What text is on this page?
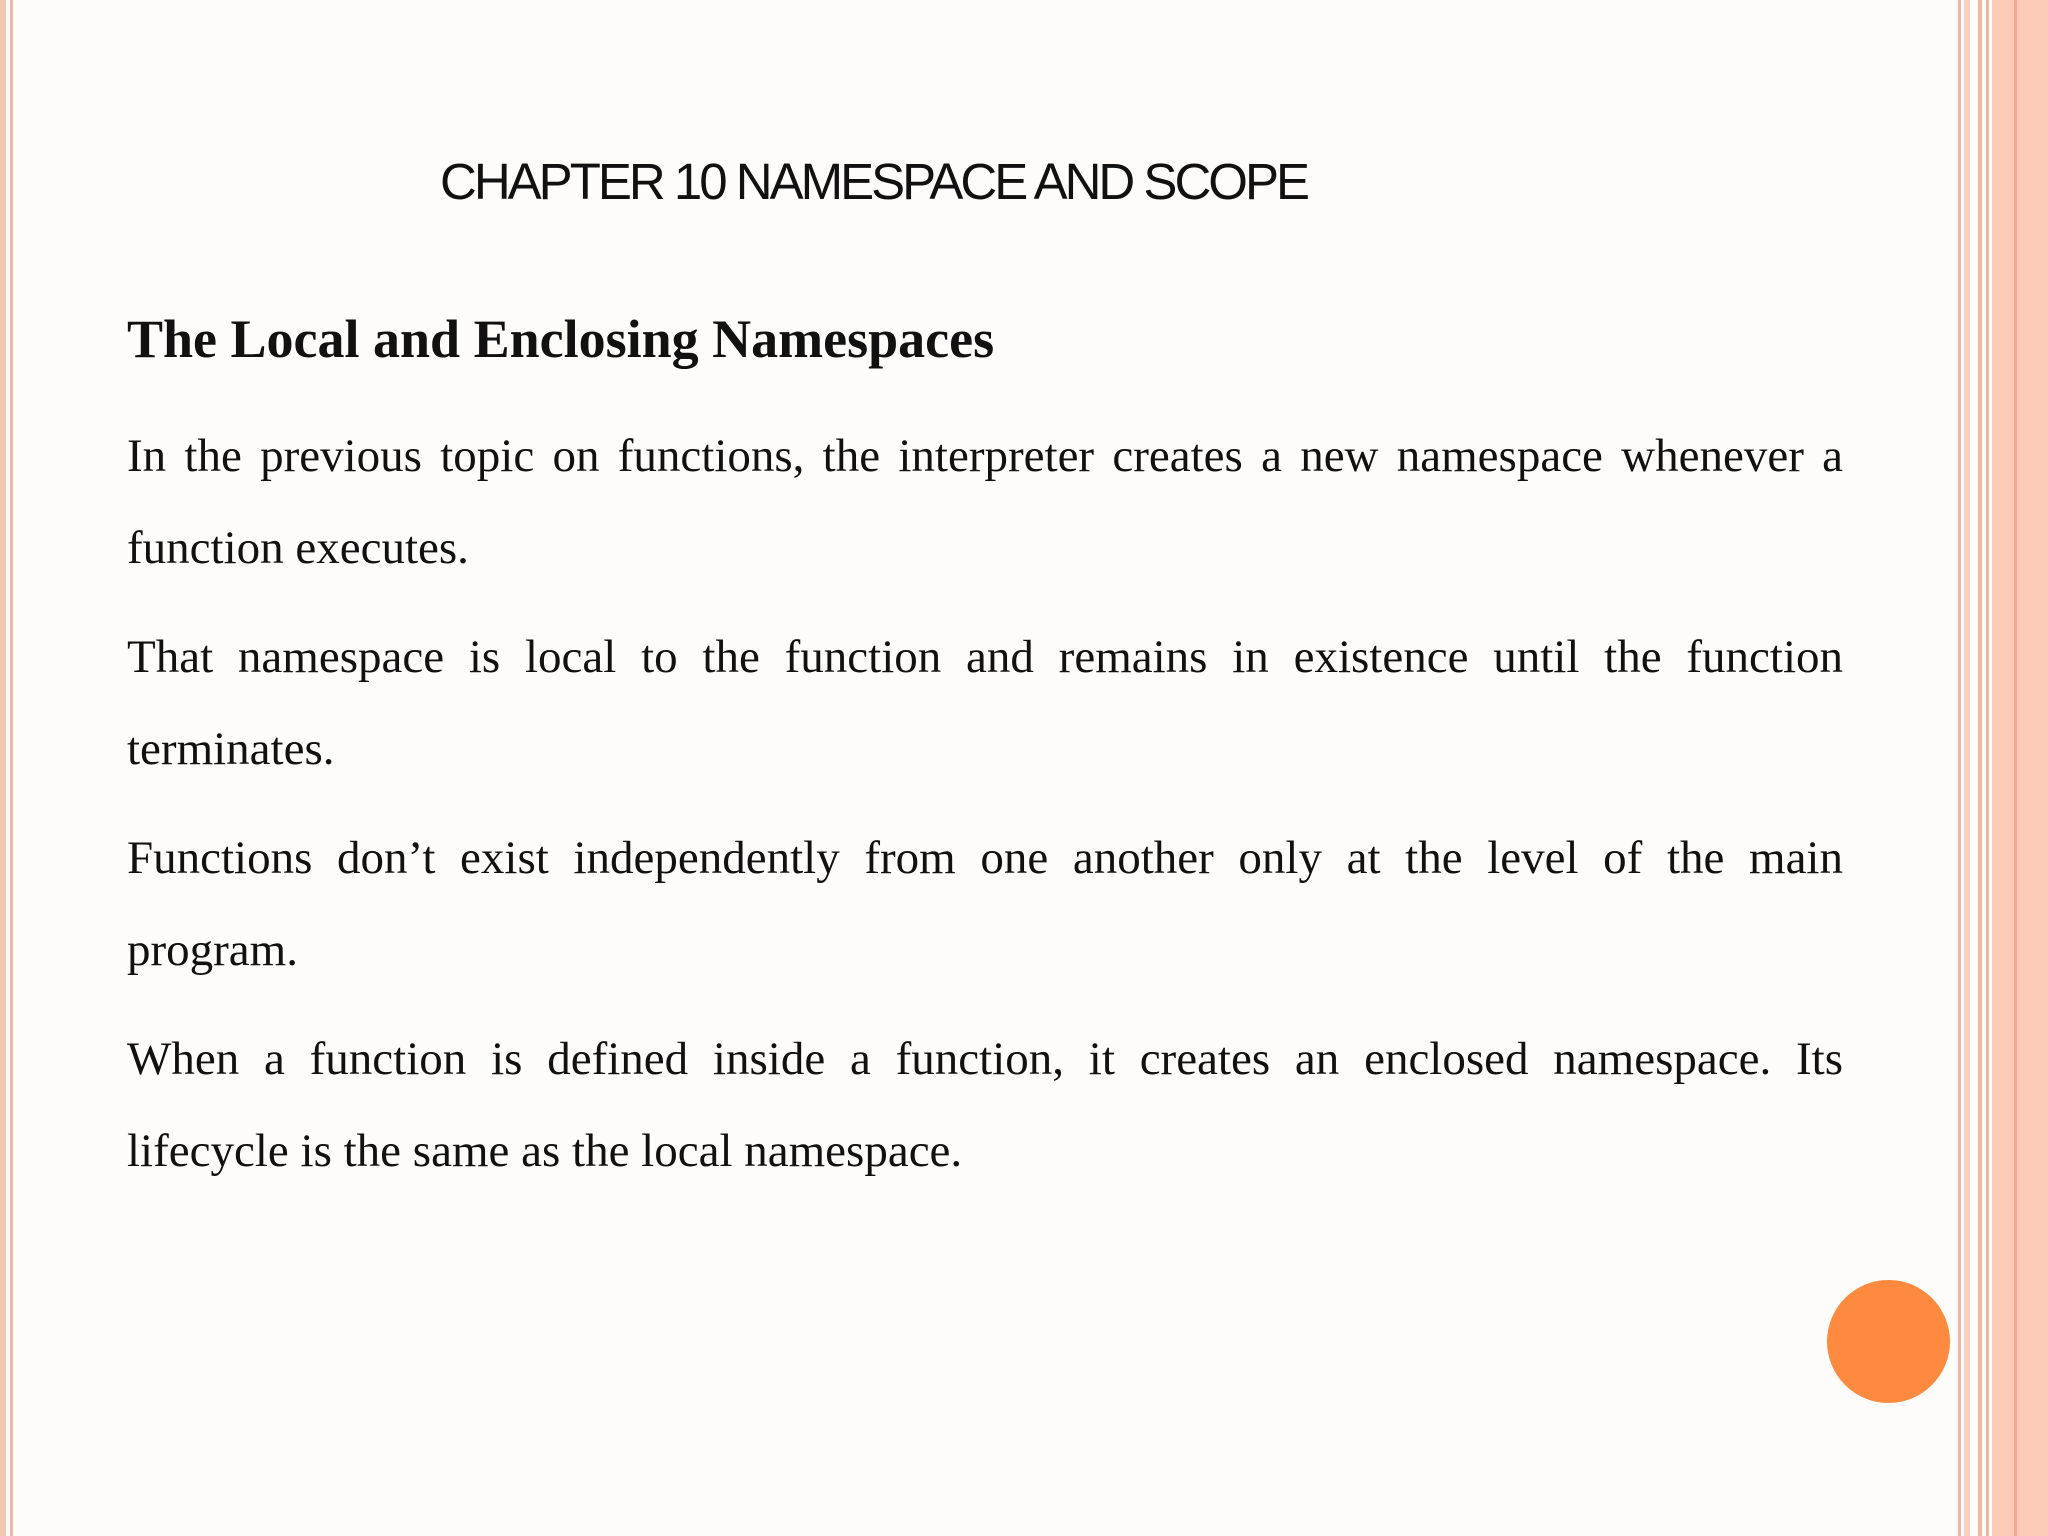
CHAPTER 10 NAMESPACE AND SCOPE
The Local and Enclosing Namespaces
In the previous topic on functions, the interpreter creates a new namespace whenever a function executes.
That namespace is local to the function and remains in existence until the function terminates.
Functions don’t exist independently from one another only at the level of the main program.
When a function is defined inside a function, it creates an enclosed namespace. Its lifecycle is the same as the local namespace.
